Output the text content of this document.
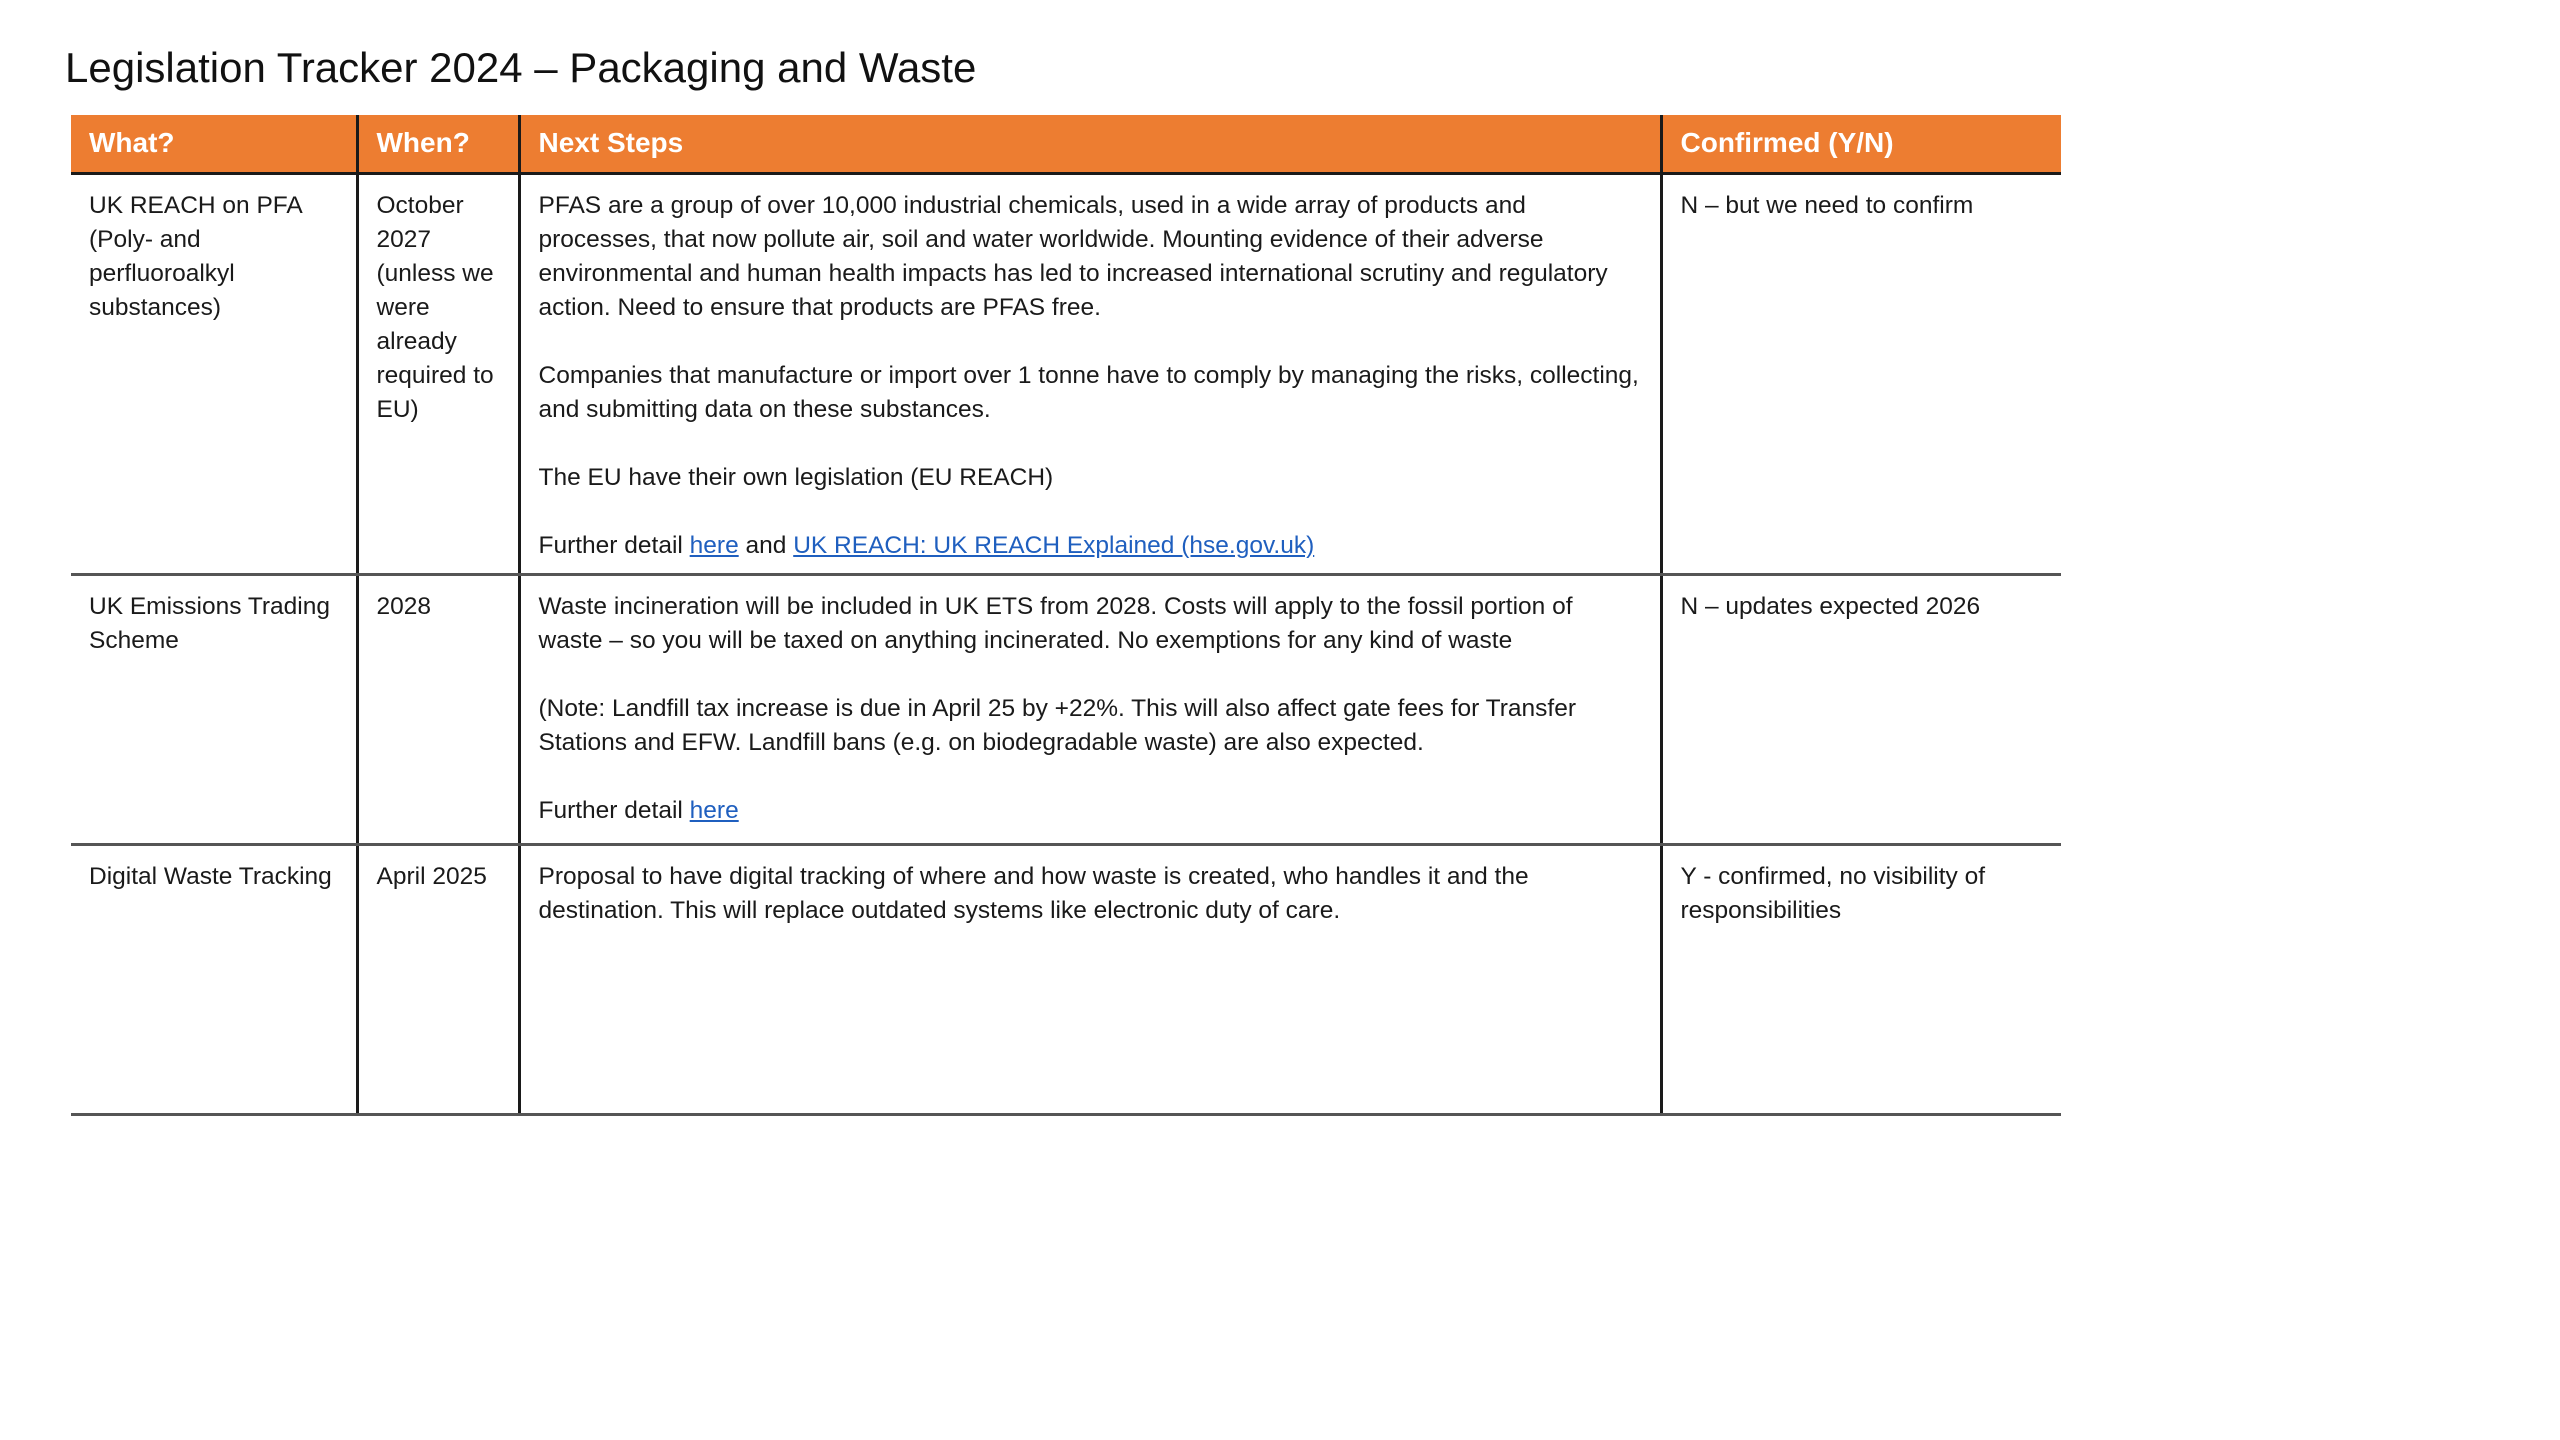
Legislation Tracker 2024 – Packaging and Waste
What?	When?	Next Steps	Confirmed (Y/N)
UK REACH on PFA (Poly- and perfluoroalkyl substances)	October 2027 (unless we were already required to EU)	PFAS are a group of over 10,000 industrial chemicals, used in a wide array of products and processes, that now pollute air, soil and water worldwide. Mounting evidence of their adverse environmental and human health impacts has led to increased international scrutiny and regulatory action. Need to ensure that products are PFAS free.

Companies that manufacture or import over 1 tonne have to comply by managing the risks, collecting, and submitting data on these substances.

The EU have their own legislation (EU REACH)

Further detail here and UK REACH: UK REACH Explained (hse.gov.uk)	N – but we need to confirm
UK Emissions Trading Scheme	2028	Waste incineration will be included in UK ETS from 2028. Costs will apply to the fossil portion of waste – so you will be taxed on anything incinerated. No exemptions for any kind of waste

(Note: Landfill tax increase is due in April 25 by +22%. This will also affect gate fees for Transfer Stations and EFW. Landfill bans (e.g. on biodegradable waste) are also expected.

Further detail here	N – updates expected 2026
Digital Waste Tracking	April 2025	Proposal to have digital tracking of where and how waste is created, who handles it and the destination. This will replace outdated systems like electronic duty of care.	Y - confirmed, no visibility of responsibilities
